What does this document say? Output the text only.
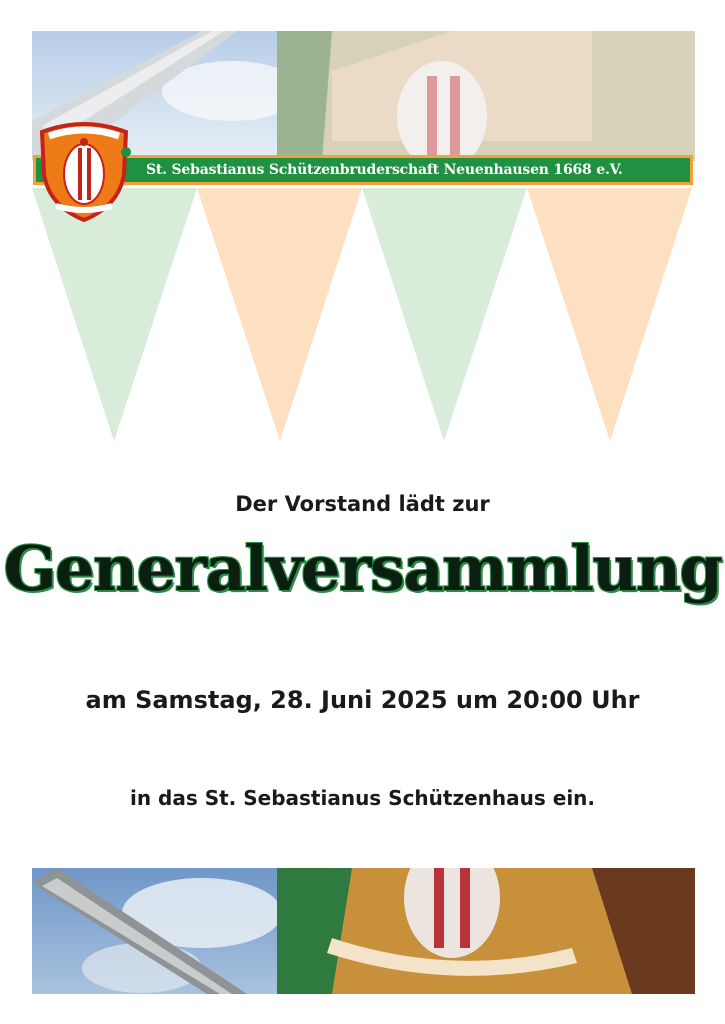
St. Sebastianus Schützenbruderschaft Neuenhausen 1668 e.V.
Der Vorstand lädt zur
Generalversammlung
am Samstag, 28. Juni 2025 um 20:00 Uhr
in das St. Sebastianus Schützenhaus ein.
